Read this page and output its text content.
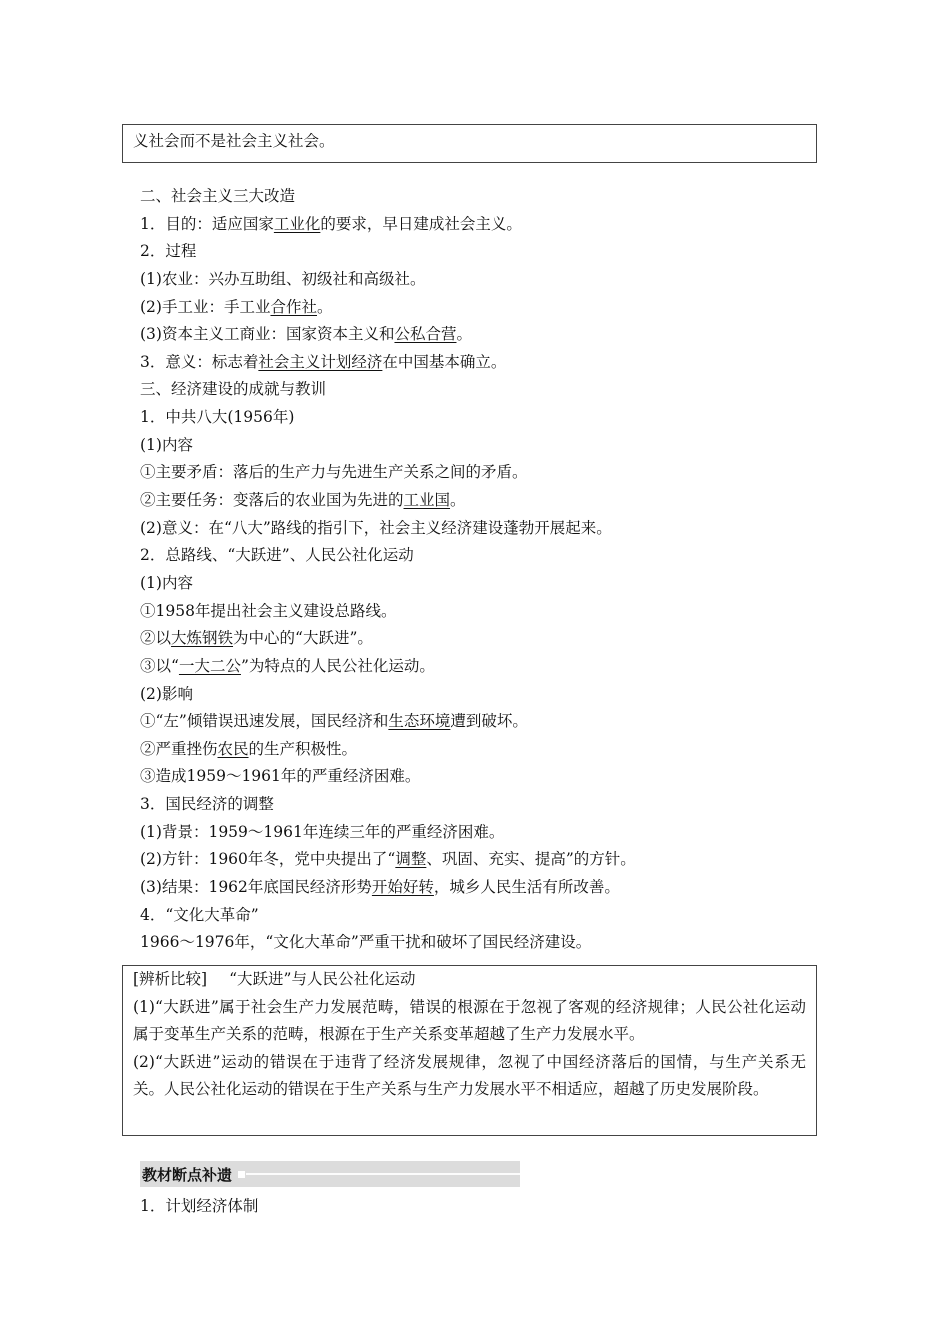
义社会而不是社会主义社会。
二、社会主义三大改造
1．目的：适应国家工业化的要求，早日建成社会主义。
2．过程
(1)农业：兴办互助组、初级社和高级社。
(2)手工业：手工业合作社。
(3)资本主义工商业：国家资本主义和公私合营。
3．意义：标志着社会主义计划经济在中国基本确立。
三、经济建设的成就与教训
1．中共八大(1956年)
(1)内容
①主要矛盾：落后的生产力与先进生产关系之间的矛盾。
②主要任务：变落后的农业国为先进的工业国。
(2)意义：在“八大”路线的指引下，社会主义经济建设蓬勃开展起来。
2．总路线、“大跃进”、人民公社化运动
(1)内容
①1958年提出社会主义建设总路线。
②以大炼钢铁为中心的“大跃进”。
③以“一大二公”为特点的人民公社化运动。
(2)影响
①“左”倾错误迅速发展，国民经济和生态环境遭到破坏。
②严重挫伤农民的生产积极性。
③造成1959～1961年的严重经济困难。
3．国民经济的调整
(1)背景：1959～1961年连续三年的严重经济困难。
(2)方针：1960年冬，党中央提出了“调整、巩固、充实、提高”的方针。
(3)结果：1962年底国民经济形势开始好转，城乡人民生活有所改善。
4．“文化大革命”
1966～1976年，“文化大革命”严重干扰和破坏了国民经济建设。

[辨析比较] “大跃进”与人民公社化运动

(1)“大跃进”属于社会生产力发展范畴，错误的根源在于忽视了客观的经济规律；人民公社化运动属于变革生产关系的范畴，根源在于生产关系变革超越了生产力发展水平。

(2)“大跃进”运动的错误在于违背了经济发展规律，忽视了中国经济落后的国情，与生产关系无关。人民公社化运动的错误在于生产关系与生产力发展水平不相适应，超越了历史发展阶段。

教材断点补遗
1．计划经济体制
